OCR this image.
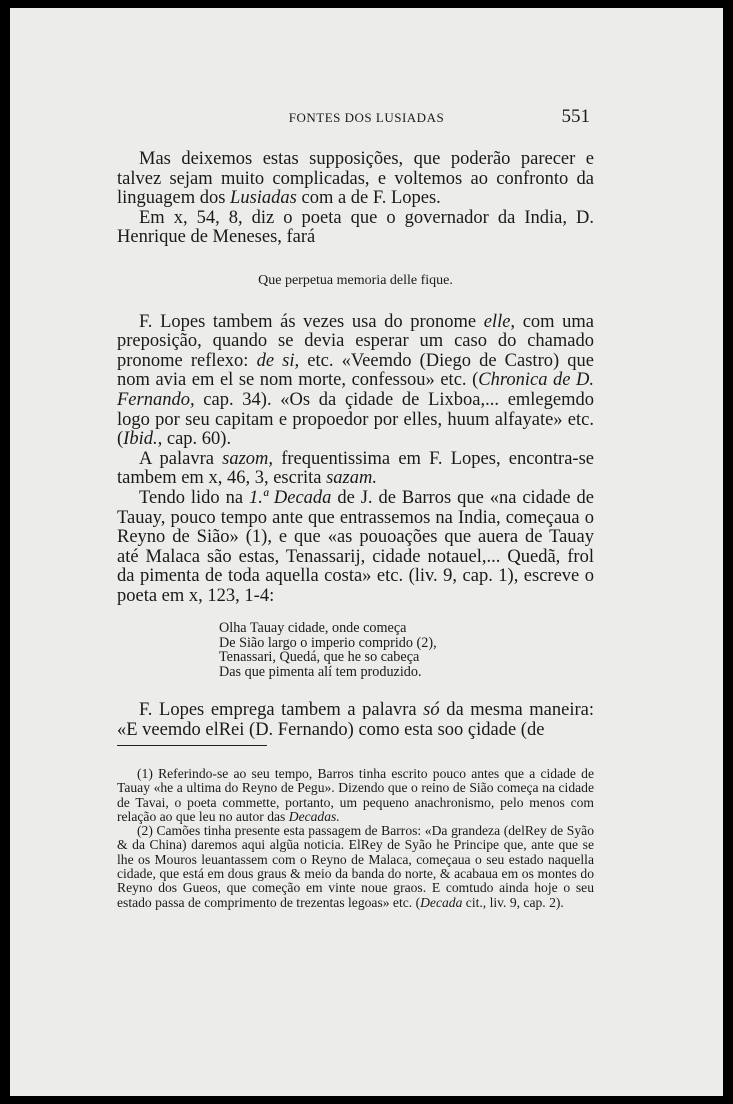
FONTES DOS LUSIADAS	551

Mas deixemos estas supposições, que poderão parecer e talvez sejam muito complicadas, e voltemos ao confronto da linguagem dos Lusiadas com a de F. Lopes.

Em x, 54, 8, diz o poeta que o governador da India, D. Henrique de Meneses, fará

Que perpetua memoria delle fique.

F. Lopes tambem ás vezes usa do pronome elle, com uma preposição, quando se devia esperar um caso do chamado pronome reflexo: de si, etc. «Veemdo (Diego de Castro) que nom avia em el se nom morte, confessou» etc. (Chronica de D. Fernando, cap. 34). «Os da çidade de Lixboa,... emlegemdo logo por seu capitam e propoedor por elles, huum alfayate» etc. (Ibid., cap. 60).

A palavra sazom, frequentissima em F. Lopes, encontra-se tambem em x, 46, 3, escrita sazam.

Tendo lido na 1.ª Decada de J. de Barros que «na cidade de Tauay, pouco tempo ante que entrassemos na India, começaua o Reyno de Sião» (1), e que «as pouoações que auera de Tauay até Malaca são estas, Tenassarij, cidade notauel,... Quedã, frol da pimenta de toda aquella costa» etc. (liv. 9, cap. 1), escreve o poeta em x, 123, 1-4:

Olha Tauay cidade, onde começa
De Sião largo o imperio comprido (2),
Tenassari, Quedá, que he so cabeça
Das que pimenta alí tem produzido.

F. Lopes emprega tambem a palavra só da mesma maneira: «E veemdo elRei (D. Fernando) como esta soo çidade (de

(1) Referindo-se ao seu tempo, Barros tinha escrito pouco antes que a cidade de Tauay «he a ultima do Reyno de Pegu». Dizendo que o reino de Sião começa na cidade de Tavai, o poeta commette, portanto, um pequeno anachronismo, pelo menos com relação ao que leu no autor das Decadas.

(2) Camões tinha presente esta passagem de Barros: «Da grandeza (delRey de Syão & da China) daremos aqui algũa noticia. ElRey de Syão he Principe que, ante que se lhe os Mouros leuantassem com o Reyno de Malaca, começaua o seu estado naquella cidade, que está em dous graus & meio da banda do norte, & acabaua em os montes do Reyno dos Gueos, que começão em vinte noue graos. E comtudo ainda hoje o seu estado passa de comprimento de trezentas legoas» etc. (Decada cit., liv. 9, cap. 2).
